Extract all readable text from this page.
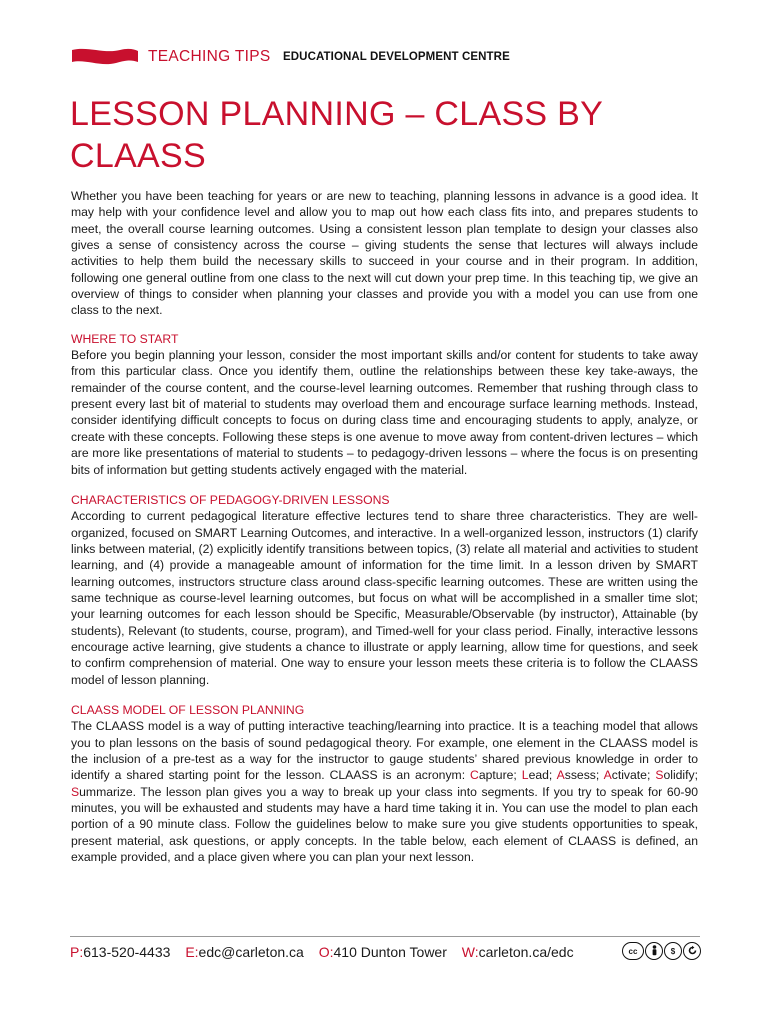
TEACHING TIPS EDUCATIONAL DEVELOPMENT CENTRE
LESSON PLANNING – CLASS BY CLAASS

Whether you have been teaching for years or are new to teaching, planning lessons in advance is a good idea. It may help with your confidence level and allow you to map out how each class fits into, and prepares students to meet, the overall course learning outcomes. Using a consistent lesson plan template to design your classes also gives a sense of consistency across the course – giving students the sense that lectures will always include activities to help them build the necessary skills to succeed in your course and in their program. In addition, following one general outline from one class to the next will cut down your prep time. In this teaching tip, we give an overview of things to consider when planning your classes and provide you with a model you can use from one class to the next.

WHERE TO START

Before you begin planning your lesson, consider the most important skills and/or content for students to take away from this particular class. Once you identify them, outline the relationships between these key take-aways, the remainder of the course content, and the course-level learning outcomes. Remember that rushing through class to present every last bit of material to students may overload them and encourage surface learning methods. Instead, consider identifying difficult concepts to focus on during class time and encouraging students to apply, analyze, or create with these concepts. Following these steps is one avenue to move away from content-driven lectures – which are more like presentations of material to students – to pedagogy-driven lessons – where the focus is on presenting bits of information but getting students actively engaged with the material.

CHARACTERISTICS OF PEDAGOGY-DRIVEN LESSONS

According to current pedagogical literature effective lectures tend to share three characteristics. They are well-organized, focused on SMART Learning Outcomes, and interactive. In a well-organized lesson, instructors (1) clarify links between material, (2) explicitly identify transitions between topics, (3) relate all material and activities to student learning, and (4) provide a manageable amount of information for the time limit. In a lesson driven by SMART learning outcomes, instructors structure class around class-specific learning outcomes. These are written using the same technique as course-level learning outcomes, but focus on what will be accomplished in a smaller time slot; your learning outcomes for each lesson should be Specific, Measurable/Observable (by instructor), Attainable (by students), Relevant (to students, course, program), and Timed-well for your class period. Finally, interactive lessons encourage active learning, give students a chance to illustrate or apply learning, allow time for questions, and seek to confirm comprehension of material. One way to ensure your lesson meets these criteria is to follow the CLAASS model of lesson planning.

CLAASS MODEL OF LESSON PLANNING

The CLAASS model is a way of putting interactive teaching/learning into practice. It is a teaching model that allows you to plan lessons on the basis of sound pedagogical theory. For example, one element in the CLAASS model is the inclusion of a pre-test as a way for the instructor to gauge students’ shared previous knowledge in order to identify a shared starting point for the lesson. CLAASS is an acronym: Capture; Lead; Assess; Activate; Solidify; Summarize. The lesson plan gives you a way to break up your class into segments. If you try to speak for 60-90 minutes, you will be exhausted and students may have a hard time taking it in. You can use the model to plan each portion of a 90 minute class. Follow the guidelines below to make sure you give students opportunities to speak, present material, ask questions, or apply concepts. In the table below, each element of CLAASS is defined, an example provided, and a place given where you can plan your next lesson.

P:613-520-4433 E:edc@carleton.ca O:410 Dunton Tower W:carleton.ca/edc	cc	$
